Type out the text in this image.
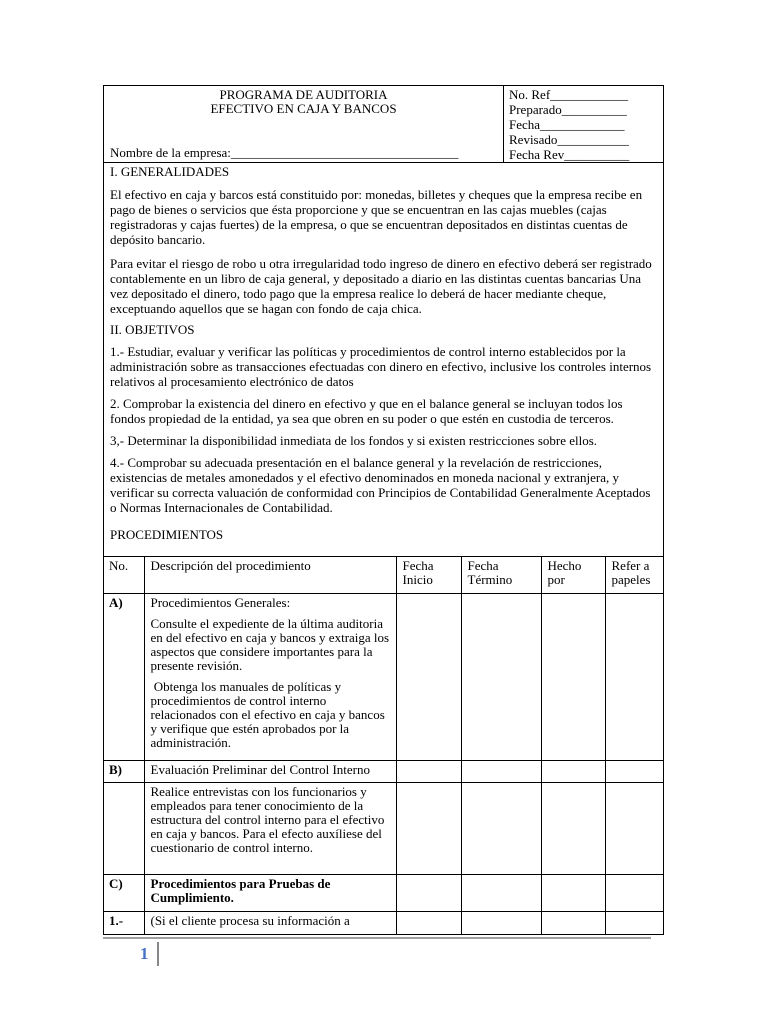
PROGRAMA DE AUDITORIA
EFECTIVO EN CAJA Y BANCOS
Nombre de la empresa:___________________________________
No. Ref____________
Preparado__________
Fecha_____________
Revisado___________
Fecha Rev__________
I. GENERALIDADES

El efectivo en caja y barcos está constituido por: monedas, billetes y cheques que la empresa recibe en pago de bienes o servicios que ésta proporcione y que se encuentran en las cajas muebles (cajas registradoras y cajas fuertes) de la empresa, o que se encuentran depositados en distintas cuentas de depósito bancario.

Para evitar el riesgo de robo u otra irregularidad todo ingreso de dinero en efectivo deberá ser registrado contablemente en un libro de caja general, y depositado a diario en las distintas cuentas bancarias Una vez depositado el dinero, todo pago que la empresa realice lo deberá de hacer mediante cheque, exceptuando aquellos que se hagan con fondo de caja chica.

II. OBJETIVOS

1.- Estudiar, evaluar y verificar las políticas y procedimientos de control interno establecidos por la administración sobre as transacciones efectuadas con dinero en efectivo, inclusive los controles internos relativos al procesamiento electrónico de datos

2. Comprobar la existencia del dinero en efectivo y que en el balance general se incluyan todos los fondos propiedad de la entidad, ya sea que obren en su poder o que estén en custodia de terceros.

3,- Determinar la disponibilidad inmediata de los fondos y si existen restricciones sobre ellos.

4.- Comprobar su adecuada presentación en el balance general y la revelación de restricciones, existencias de metales amonedados y el efectivo denominados en moneda nacional y extranjera, y verificar su correcta valuación de conformidad con Principios de Contabilidad Generalmente Aceptados o Normas Internacionales de Contabilidad.

PROCEDIMIENTOS
No.	Descripción del procedimiento	Fecha Inicio	Fecha Término	Hecho por	Refer a papeles
A)	Procedimientos Generales:
Consulte el expediente de la última auditoria en del efectivo en caja y bancos y extraiga los aspectos que considere importantes para la presente revisión.
Obtenga los manuales de políticas y procedimientos de control interno relacionados con el efectivo en caja y bancos y verifique que estén aprobados por la administración.				

B)	Evaluación Preliminar del Control Interno				
	Realice entrevistas con los funcionarios y empleados para tener conocimiento de la estructura del control interno para el efectivo en caja y bancos. Para el efecto auxíliese del cuestionario de control interno.				
C)	Procedimientos para Pruebas de Cumplimiento.				
1.-	(Si el cliente procesa su información a				
1
